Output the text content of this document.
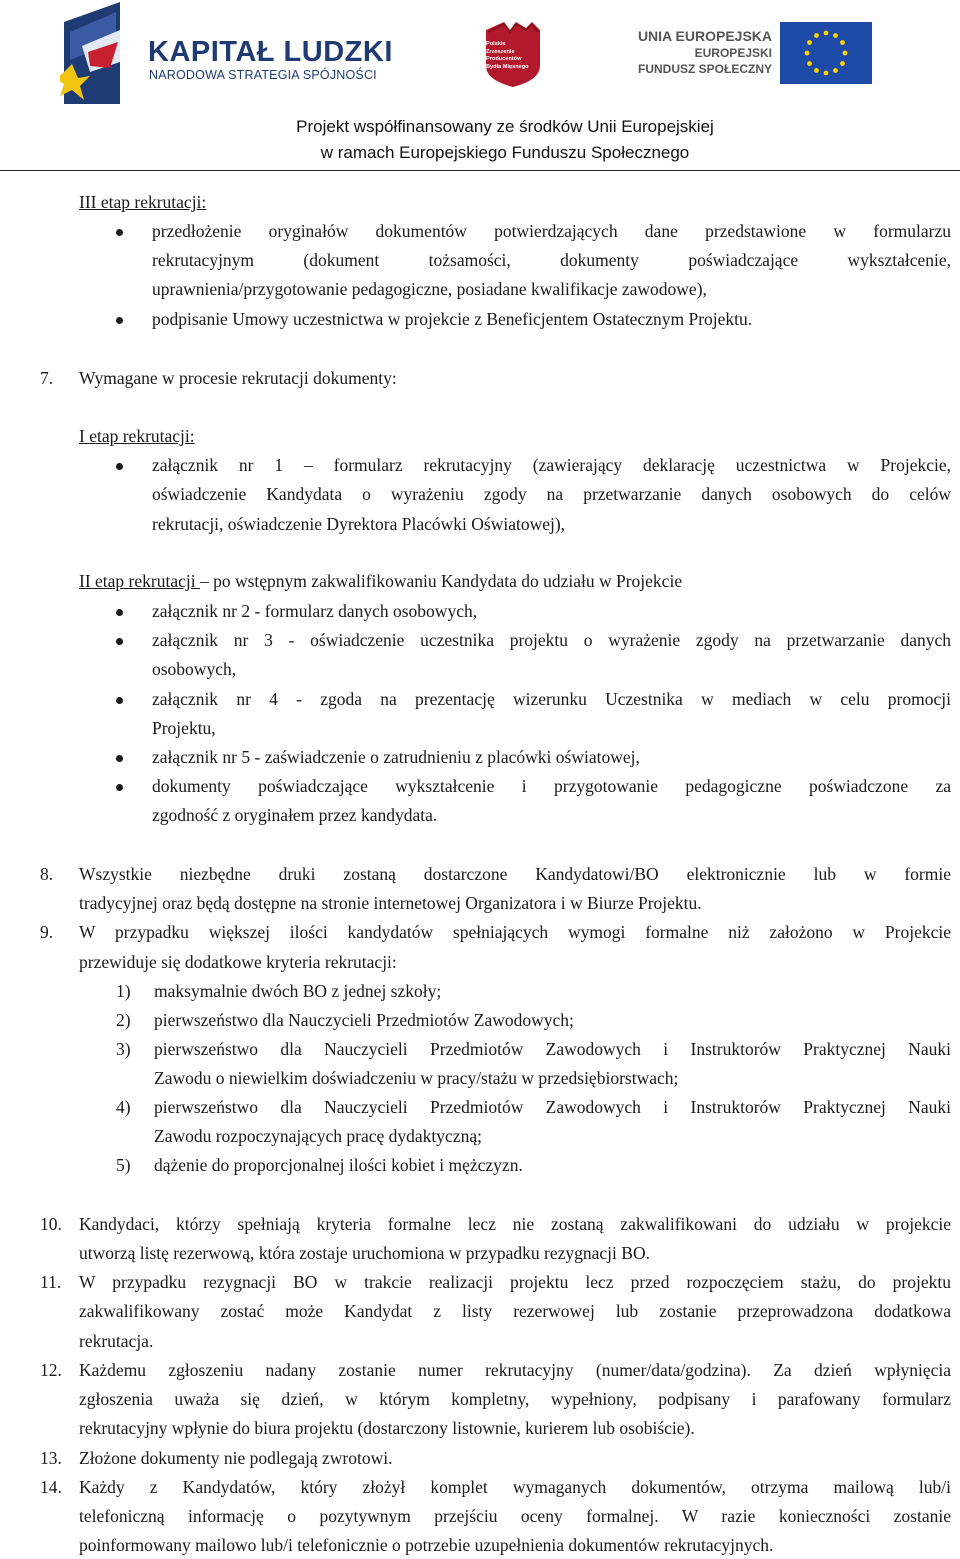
KAPITAŁ LUDZKI
NARODOWA STRATEGIA SPÓJNOŚCI
Polskie
Zrzeszenie
Producentów
Bydła Mięsnego
UNIA EUROPEJSKA
EUROPEJSKI
FUNDUSZ SPOŁECZNY
Projekt współfinansowany ze środków Unii Europejskiej
w ramach Europejskiego Funduszu Społecznego
III etap rekrutacji:
przedłożenie oryginałów dokumentów potwierdzających dane przedstawione w formularzu
rekrutacyjnym (dokument tożsamości, dokumenty poświadczające wykształcenie,
uprawnienia/przygotowanie pedagogiczne, posiadane kwalifikacje zawodowe),
podpisanie Umowy uczestnictwa w projekcie z Beneficjentem Ostatecznym Projektu.
7. Wymagane w procesie rekrutacji dokumenty:
I etap rekrutacji:
załącznik nr 1 – formularz rekrutacyjny (zawierający deklarację uczestnictwa w Projekcie,
oświadczenie Kandydata o wyrażeniu zgody na przetwarzanie danych osobowych do celów
rekrutacji, oświadczenie Dyrektora Placówki Oświatowej),
II etap rekrutacji – po wstępnym zakwalifikowaniu Kandydata do udziału w Projekcie
załącznik nr 2 - formularz danych osobowych,
załącznik nr 3 - oświadczenie uczestnika projektu o wyrażenie zgody na przetwarzanie danych
osobowych,
załącznik nr 4 - zgoda na prezentację wizerunku Uczestnika w mediach w celu promocji
Projektu,
załącznik nr 5 - zaświadczenie o zatrudnieniu z placówki oświatowej,
dokumenty poświadczające wykształcenie i przygotowanie pedagogiczne poświadczone za
zgodność z oryginałem przez kandydata.
8. Wszystkie niezbędne druki zostaną dostarczone Kandydatowi/BO elektronicznie lub w formie
tradycyjnej oraz będą dostępne na stronie internetowej Organizatora i w Biurze Projektu.
9. W przypadku większej ilości kandydatów spełniających wymogi formalne niż założono w Projekcie
przewiduje się dodatkowe kryteria rekrutacji:
1) maksymalnie dwóch BO z jednej szkoły;
2) pierwszeństwo dla Nauczycieli Przedmiotów Zawodowych;
3) pierwszeństwo dla Nauczycieli Przedmiotów Zawodowych i Instruktorów Praktycznej Nauki
Zawodu o niewielkim doświadczeniu w pracy/stażu w przedsiębiorstwach;
4) pierwszeństwo dla Nauczycieli Przedmiotów Zawodowych i Instruktorów Praktycznej Nauki
Zawodu rozpoczynających pracę dydaktyczną;
5) dążenie do proporcjonalnej ilości kobiet i mężczyzn.
10. Kandydaci, którzy spełniają kryteria formalne lecz nie zostaną zakwalifikowani do udziału w projekcie
utworzą listę rezerwową, która zostaje uruchomiona w przypadku rezygnacji BO.
11. W przypadku rezygnacji BO w trakcie realizacji projektu lecz przed rozpoczęciem stażu, do projektu
zakwalifikowany zostać może Kandydat z listy rezerwowej lub zostanie przeprowadzona dodatkowa
rekrutacja.
12. Każdemu zgłoszeniu nadany zostanie numer rekrutacyjny (numer/data/godzina). Za dzień wpłynięcia
zgłoszenia uważa się dzień, w którym kompletny, wypełniony, podpisany i parafowany formularz
rekrutacyjny wpłynie do biura projektu (dostarczony listownie, kurierem lub osobiście).
13. Złożone dokumenty nie podlegają zwrotowi.
14. Każdy z Kandydatów, który złożył komplet wymaganych dokumentów, otrzyma mailową lub/i
telefoniczną informację o pozytywnym przejściu oceny formalnej. W razie konieczności zostanie
poinformowany mailowo lub/i telefonicznie o potrzebie uzupełnienia dokumentów rekrutacyjnych.
